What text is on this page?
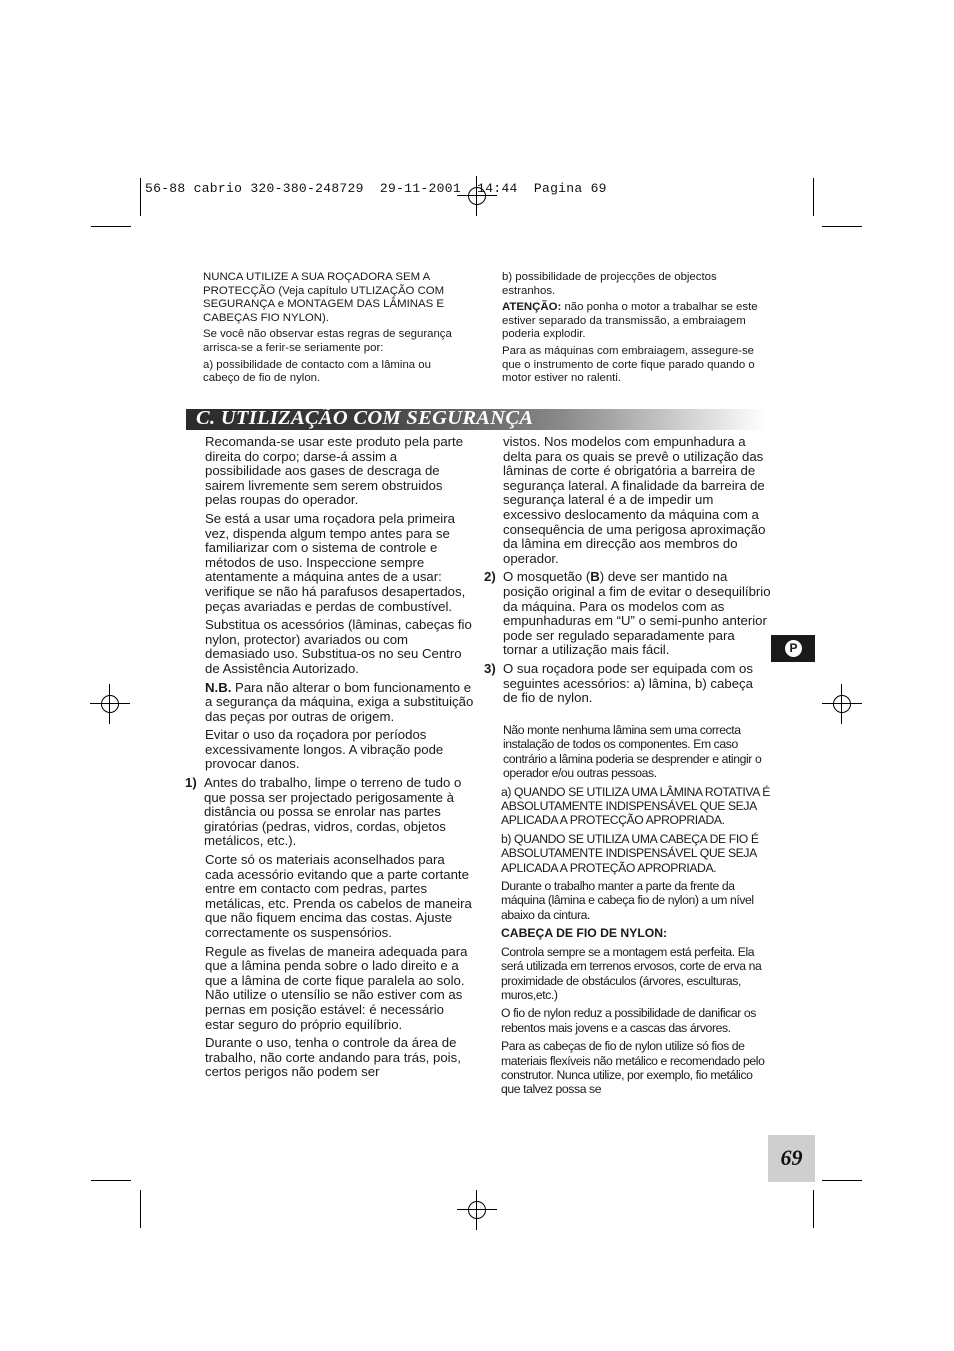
56-88 cabrio 320-380-248729  29-11-2001  14:44  Pagina 69

NUNCA UTILIZE A SUA ROÇADORA SEM A PROTECÇÃO (Veja capítulo UTLIZAÇÃO COM SEGURANÇA e MONTAGEM DAS LÂMINAS E CABEÇAS FIO NYLON).

Se você não observar estas regras de segurança arrisca-se a ferir-se seriamente por:

a) possibilidade de contacto com a lâmina ou cabeço de fio de nylon.

b) possibilidade de projecções de objectos estranhos.

ATENÇÃO: não ponha o motor a trabalhar se este estiver separado da transmissão, a embraiagem poderia explodir.

Para as máquinas com embraiagem, assegure-se que o instrumento de corte fique parado quando o motor estiver no ralenti.

C. UTILIZAÇÃO COM SEGURANÇA

Recomanda-se usar este produto pela parte direita do corpo; darse-á assim a possibilidade aos gases de descraga de sairem livremente sem serem obstruidos pelas roupas do operador.

Se está a usar uma roçadora pela primeira vez, dispenda algum tempo antes para se familiarizar com o sistema de controle e métodos de uso. Inspeccione sempre atentamente a máquina antes de a usar: verifique se não há parafusos desapertados, peças avariadas e perdas de combustível.

Substitua os acessórios (lâminas, cabeças fio nylon, protector) avariados ou com demasiado uso. Substitua-os no seu Centro de Assistência Autorizado.

N.B. Para não alterar o bom funcionamento e a segurança da máquina, exiga a substituição das peças por outras de origem.

Evitar o uso da roçadora por períodos excessivamente longos. A vibração pode provocar danos.

1) Antes do trabalho, limpe o terreno de tudo o que possa ser projectado perigosamente à distância ou possa se enrolar nas partes giratórias (pedras, vidros, cordas, objetos metálicos, etc.).

Corte só os materiais aconselhados para cada acessório evitando que a parte cortante entre em contacto com pedras, partes metálicas, etc. Prenda os cabelos de maneira que não fiquem encima das costas. Ajuste correctamente os suspensórios.

Regule as fivelas de maneira adequada para que a lâmina penda sobre o lado direito e a que a lâmina de corte fique paralela ao solo. Não utilize o utensílio se não estiver com as pernas em posição estável: é necessário estar seguro do próprio equilíbrio.

Durante o uso, tenha o controle da área de trabalho, não corte andando para trás, pois, certos perigos não podem ser

vistos. Nos modelos com empunhadura a delta para os quais se prevê o utilização das lâminas de corte é obrigatória a barreira de segurança lateral. A finalidade da barreira de segurança lateral é a de impedir um excessivo deslocamento da máquina com a consequência de uma perigosa aproximação da lâmina em direcção aos membros do operador.

2) O mosquetão (B) deve ser mantido na posição original a fim de evitar o desequilíbrio da máquina. Para os modelos com as empunhaduras em “U” o semi-punho anterior pode ser regulado separadamente para tornar a utilização mais fácil.

3) O sua roçadora pode ser equipada com os seguintes acessórios: a) lâmina, b) cabeça de fio de nylon.

Não monte nenhuma lâmina sem uma correcta instalação de todos os componentes. Em caso contrário a lâmina poderia se desprender e atingir o operador e/ou outras pessoas.

a) QUANDO SE UTILIZA UMA LÂMINA ROTATIVA É ABSOLUTAMENTE INDISPENSÁVEL QUE SEJA APLICADA A PROTECÇÃO APROPRIADA.

b) QUANDO SE UTILIZA UMA CABEÇA DE FIO É ABSOLUTAMENTE INDISPENSÁVEL QUE SEJA APLICADA A PROTEÇÃO APROPRIADA.

Durante o trabalho manter a parte da frente da máquina (lâmina e cabeça fio de nylon) a um nível abaixo da cintura.

CABEÇA DE FIO DE NYLON:

Controla sempre se a montagem está perfeita. Ela será utilizada em terrenos ervosos, corte de erva na proximidade de obstáculos (árvores, esculturas, muros,etc.)

O fio de nylon reduz a possibilidade de danificar os rebentos mais jovens e a cascas das árvores.

Para as cabeças de fio de nylon utilize só fios de materiais flexíveis não metálico e recomendado pelo construtor. Nunca utilize, por exemplo, fio metálico que talvez possa se

P
69
